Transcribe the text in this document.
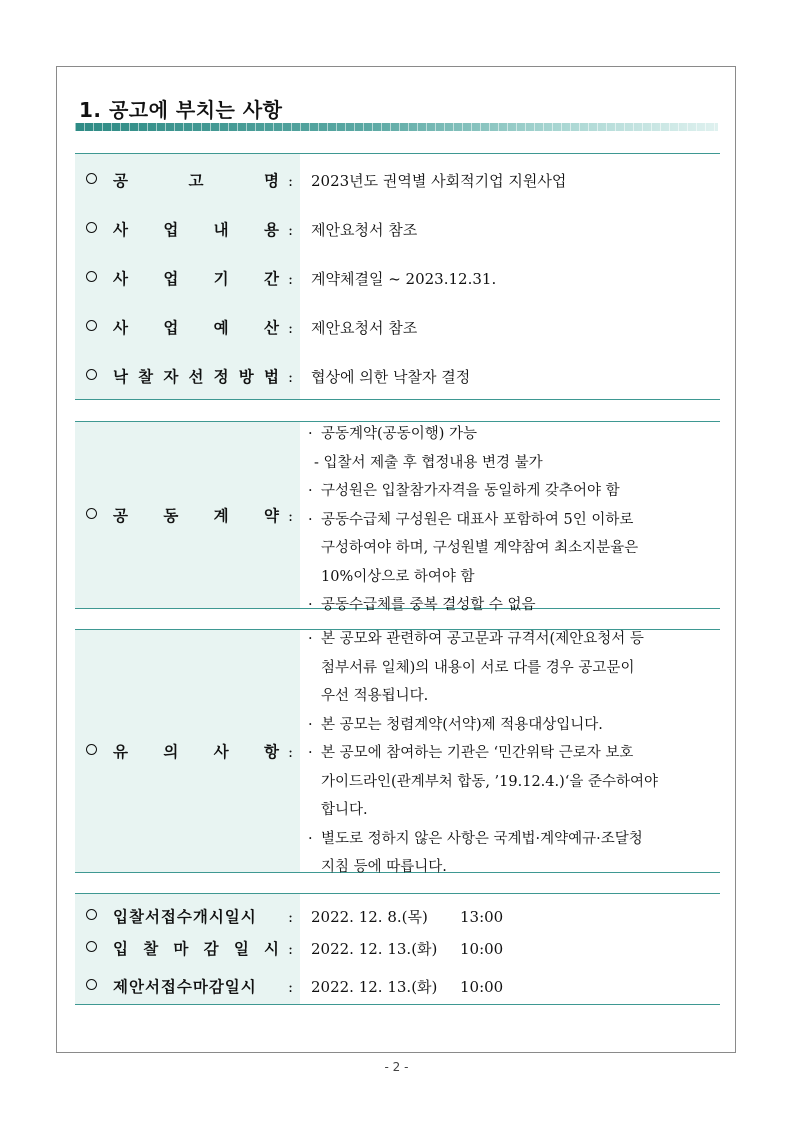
1. 공고에 부치는 사항
공	고	명 : 2023년도 권역별 사회적기업 지원사업
사 업 내 용 : 제안요청서 참조
사 업 기 간 : 계약체결일 ~ 2023.12.31.
사 업 예 산 : 제안요청서 참조
낙 찰 자 선 정 방 법 : 협상에 의한 낙찰자 결정
공 동 계 약 :
· 공동계약(공동이행) 가능
- 입찰서 제출 후 협정내용 변경 불가
· 구성원은 입찰참가자격을 동일하게 갖추어야 함
· 공동수급체 구성원은 대표사 포함하여 5인 이하로
구성하여야 하며, 구성원별 계약참여 최소지분율은
10%이상으로 하여야 함
· 공동수급체를 중복 결성할 수 없음
유 의 사 항 :
· 본 공모와 관련하여 공고문과 규격서(제안요청서 등
첨부서류 일체)의 내용이 서로 다를 경우 공고문이
우선 적용됩니다.
· 본 공모는 청렴계약(서약)제 적용대상입니다.
· 본 공모에 참여하는 기관은 ‘민간위탁 근로자 보호
가이드라인(관계부처 합동, ’19.12.4.)‘을 준수하여야
합니다.
· 별도로 정하지 않은 사항은 국계법·계약예규·조달청
지침 등에 따릅니다.
입찰서접수개시일시 : 2022. 12. 8.(목) 13:00
입 찰 마 감 일 시 : 2022. 12. 13.(화) 10:00
제안서접수마감일시 : 2022. 12. 13.(화) 10:00
- 2 -
